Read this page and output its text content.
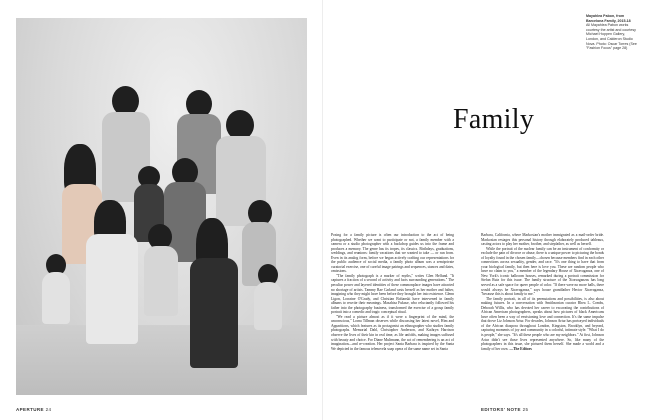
APERTURE 24
Mayahlea Pabon, from Barcelona Family, 2015-18
All Mayahlea Pabon works courtesy the artist and courtesy Michael Hoppen Gallery, London, and Calderon Studio Nova. Photo: Oscar Torres (See "Fashion Focus" page 28)
Family

Posing for a family picture is often our introduction to the act of being photographed. Whether we want to participate or not, a family member with a camera or a studio photographer with a backdrop guides us into the frame and produces a memory. The genre has its tropes, its classics. Birthdays, graduations, weddings, and reunions: family vacations that we wanted to take — or run from. Even in its analog form, before we began actively crafting our representations for the public audience of social media, a family photo album was a semiprivate curatorial exercise, one of careful image pairings and sequences, stances and dates, omissions.

"The family photograph is a marker of myths," writes Glen Helfand. "It captures a fraction of a second of activity and facts surrounding generations." The peculiar power and layered identities of these commonplace images have attracted no shortage of artists. Tammy Rae Carland casts herself as her mother and father, imagining who they might have been before they brought her into existence. Glenn Ligon, Lorraine O'Grady, and Christian Boltanski have intervened in family albums to rewrite their meanings. Masahisa Fukase, who reluctantly followed his father into the photography business, transformed the exercise of a group family portrait into a comedic and tragic conceptual ritual.

"We read a picture almost as if it were a fingerprint of the mind, the unconscious," Lorna Tillman observes while discussing her latest novel, Him and Apparitions, which features as its protagonist an ethnographer who studies family photographs. Memorial Dahl, Christopher Anderson, and Kathryn Harrison observe the lives of their kin in real time, as life unfolds, making images suffused with beauty and choice. For Diane Multmann, the act of remembering is an act of imagination—and re-creation. Her project Santa Barbara is inspired by the Santa We depicted in the famous telenovela soap opera of the same name set in Santa

Barbara, California, where Markosian's mother immigrated as a mail-order bride. Markosian restages this personal history through elaborately produced tableaux, casting actors to play her mother, brother, and stepfather, as well as herself.

While the portrait of the nuclear family can be an instrument of conformity or exclude the pain of divorce or abuse, there is a unique power to picturing the bonds of loyalty found in the chosen family—chosen because members find in each other connections across sexuality, gender, and race. "It's one thing to have that from your biological family, but then here is love you. These are random people who have no claim to you," a member of the legendary House of Xtravaganza, one of New York's iconic ballroom houses, remarked during a portrait commission for Stefan Ruiz for this issue. The family structure of the Xtravaganzas has long served as a safe space for queer people of color. "If there were no more balls, there would always be Xtravaganza," says house grandfather Hector Xtravaganza, "because this is about family to me."

The family portrait, in all of its permutations and possibilities, is also about making futures. In a conversation with Smithsonian curator Rhea L. Combs, Deborah Willis, who has devoted her career to excavating the contributions of African American photographers, speaks about how pictures of black Americans have often been a way of envisioning love and connection. It's the same impulse that drove Liz Johnson Artur. For decades, Johnson Artur has portrayed individuals of the African diaspora throughout London, Kingston, Brooklyn, and beyond, capturing moments of joy and community in a colorful, intimate style. "What I do is people," she says. "It's all these people who are my neighbors." At first, Johnson Artur didn't see those lives represented anywhere. So, like many of the photographers in this issue, she pictured them herself. She made a world and a family of her own. —The Editors

EDITORS' NOTE 25
